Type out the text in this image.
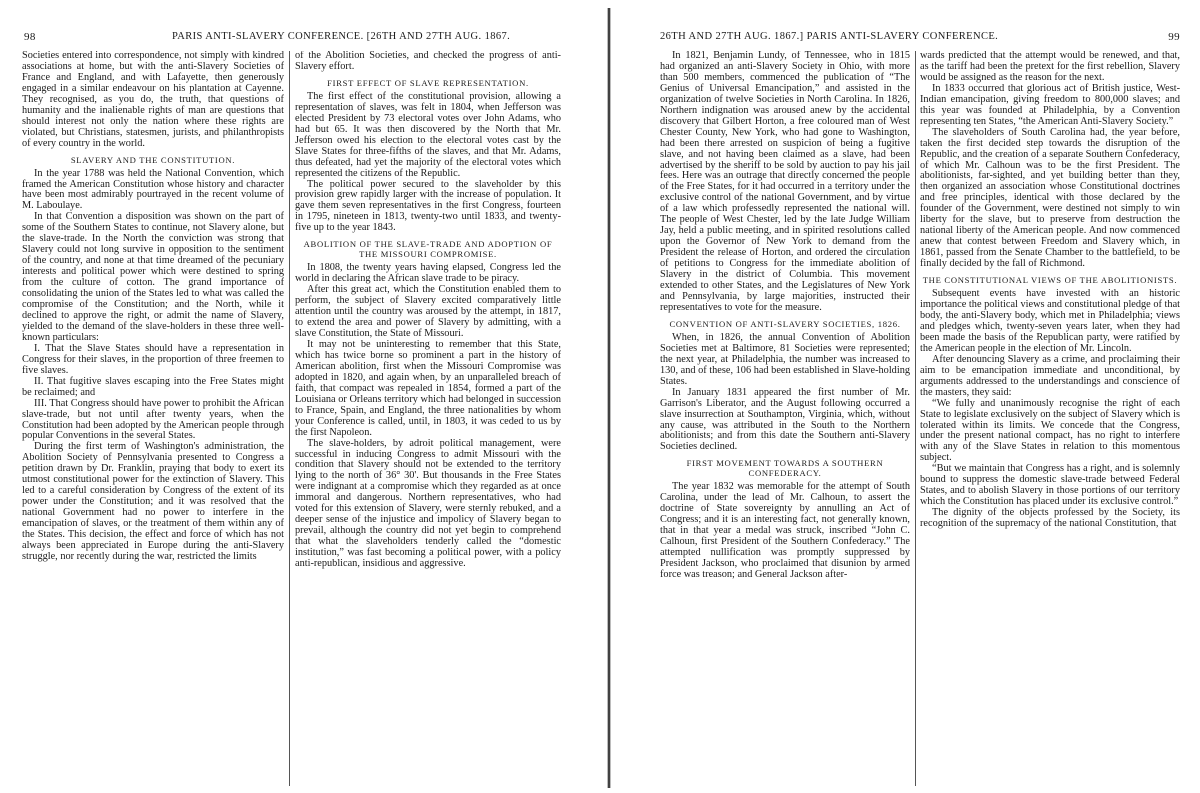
98	PARIS ANTI-SLAVERY CONFERENCE. [26TH AND 27TH AUG. 1867.

Societies entered into correspondence, not simply with kindred associations at home, but with the anti-Slavery Societies of France and England, and with Lafayette, then generously engaged in a similar endeavour on his plantation at Cayenne. They recognised, as you do, the truth, that questions of humanity and the inalienable rights of man are questions that should interest not only the nation where these rights are violated, but Christians, statesmen, jurists, and philanthropists of every country in the world.

SLAVERY AND THE CONSTITUTION.

In the year 1788 was held the National Convention, which framed the American Constitution whose history and character have been most admirably pourtrayed in the recent volume of M. Laboulaye.

In that Convention a disposition was shown on the part of some of the Southern States to continue, not Slavery alone, but the slave-trade. In the North the conviction was strong that Slavery could not long survive in opposition to the sentiment of the country, and none at that time dreamed of the pecuniary interests and political power which were destined to spring from the culture of cotton. The grand importance of consolidating the union of the States led to what was called the compromise of the Constitution; and the North, while it declined to approve the right, or admit the name of Slavery, yielded to the demand of the slave-holders in these three well-known particulars:

I. That the Slave States should have a representation in Congress for their slaves, in the proportion of three freemen to five slaves.

II. That fugitive slaves escaping into the Free States might be reclaimed; and

III. That Congress should have power to prohibit the African slave-trade, but not until after twenty years, when the Constitution had been adopted by the American people through popular Conventions in the several States.

During the first term of Washington's administration, the Abolition Society of Pennsylvania presented to Congress a petition drawn by Dr. Franklin, praying that body to exert its utmost constitutional power for the extinction of Slavery. This led to a careful consideration by Congress of the extent of its power under the Constitution; and it was resolved that the national Government had no power to interfere in the emancipation of slaves, or the treatment of them within any of the States. This decision, the effect and force of which has not always been appreciated in Europe during the anti-Slavery struggle, nor recently during the war, restricted the limits

of the Abolition Societies, and checked the progress of anti-Slavery effort.

FIRST EFFECT OF SLAVE REPRESENTATION.

The first effect of the constitutional provision, allowing a representation of slaves, was felt in 1804, when Jefferson was elected President by 73 electoral votes over John Adams, who had but 65. It was then discovered by the North that Mr. Jefferson owed his election to the electoral votes cast by the Slave States for three-fifths of the slaves, and that Mr. Adams, thus defeated, had yet the majority of the electoral votes which represented the citizens of the Republic.

The political power secured to the slaveholder by this provision grew rapidly larger with the increase of population. It gave them seven representatives in the first Congress, fourteen in 1795, nineteen in 1813, twenty-two until 1833, and twenty-five up to the year 1843.

ABOLITION OF THE SLAVE-TRADE AND ADOPTION OF THE MISSOURI COMPROMISE.

In 1808, the twenty years having elapsed, Congress led the world in declaring the African slave trade to be piracy.

After this great act, which the Constitution enabled them to perform, the subject of Slavery excited comparatively little attention until the country was aroused by the attempt, in 1817, to extend the area and power of Slavery by admitting, with a slave Constitution, the State of Missouri.

It may not be uninteresting to remember that this State, which has twice borne so prominent a part in the history of American abolition, first when the Missouri Compromise was adopted in 1820, and again when, by an unparalleled breach of faith, that compact was repealed in 1854, formed a part of the Louisiana or Orleans territory which had belonged in succession to France, Spain, and England, the three nationalities by whom your Conference is called, until, in 1803, it was ceded to us by the first Napoleon.

The slave-holders, by adroit political management, were successful in inducing Congress to admit Missouri with the condition that Slavery should not be extended to the territory lying to the north of 36° 30'. But thousands in the Free States were indignant at a compromise which they regarded as at once immoral and dangerous. Northern representatives, who had voted for this extension of Slavery, were sternly rebuked, and a deeper sense of the injustice and impolicy of Slavery began to prevail, although the country did not yet begin to comprehend that what the slaveholders tenderly called the “domestic institution,” was fast becoming a political power, with a policy anti-republican, insidious and aggressive.

26TH AND 27TH AUG. 1867.] PARIS ANTI-SLAVERY CONFERENCE.	99

In 1821, Benjamin Lundy, of Tennessee, who in 1815 had organized an anti-Slavery Society in Ohio, with more than 500 members, commenced the publication of “The Genius of Universal Emancipation,” and assisted in the organization of twelve Societies in North Carolina. In 1826, Northern indignation was aroused anew by the accidental discovery that Gilbert Horton, a free coloured man of West Chester County, New York, who had gone to Washington, had been there arrested on suspicion of being a fugitive slave, and not having been claimed as a slave, had been advertised by the sheriff to be sold by auction to pay his jail fees. Here was an outrage that directly concerned the people of the Free States, for it had occurred in a territory under the exclusive control of the national Government, and by virtue of a law which professedly represented the national will. The people of West Chester, led by the late Judge William Jay, held a public meeting, and in spirited resolutions called upon the Governor of New York to demand from the President the release of Horton, and ordered the circulation of petitions to Congress for the immediate abolition of Slavery in the district of Columbia. This movement extended to other States, and the Legislatures of New York and Pennsylvania, by large majorities, instructed their representatives to vote for the measure.

CONVENTION OF ANTI-SLAVERY SOCIETIES, 1826.

When, in 1826, the annual Convention of Abolition Societies met at Baltimore, 81 Societies were represented; the next year, at Philadelphia, the number was increased to 130, and of these, 106 had been established in Slave-holding States.

In January 1831 appeared the first number of Mr. Garrison's Liberator, and the August following occurred a slave insurrection at Southampton, Virginia, which, without any cause, was attributed in the South to the Northern abolitionists; and from this date the Southern anti-Slavery Societies declined.

FIRST MOVEMENT TOWARDS A SOUTHERN CONFEDERACY.

The year 1832 was memorable for the attempt of South Carolina, under the lead of Mr. Calhoun, to assert the doctrine of State sovereignty by annulling an Act of Congress; and it is an interesting fact, not generally known, that in that year a medal was struck, inscribed “John C. Calhoun, first President of the Southern Confederacy.” The attempted nullification was promptly suppressed by President Jackson, who proclaimed that disunion by armed force was treason; and General Jackson after-

wards predicted that the attempt would be renewed, and that, as the tariff had been the pretext for the first rebellion, Slavery would be assigned as the reason for the next.

In 1833 occurred that glorious act of British justice, West-Indian emancipation, giving freedom to 800,000 slaves; and this year was founded at Philadelphia, by a Convention representing ten States, “the American Anti-Slavery Society.”

The slaveholders of South Carolina had, the year before, taken the first decided step towards the disruption of the Republic, and the creation of a separate Southern Confederacy, of which Mr. Calhoun was to be the first President. The abolitionists, far-sighted, and yet building better than they, then organized an association whose Constitutional doctrines and free principles, identical with those declared by the founder of the Government, were destined not simply to win liberty for the slave, but to preserve from destruction the national liberty of the American people. And now commenced anew that contest between Freedom and Slavery which, in 1861, passed from the Senate Chamber to the battlefield, to be finally decided by the fall of Richmond.

THE CONSTITUTIONAL VIEWS OF THE ABOLITIONISTS.

Subsequent events have invested with an historic importance the political views and constitutional pledge of that body, the anti-Slavery body, which met in Philadelphia; views and pledges which, twenty-seven years later, when they had been made the basis of the Republican party, were ratified by the American people in the election of Mr. Lincoln.

After denouncing Slavery as a crime, and proclaiming their aim to be emancipation immediate and unconditional, by arguments addressed to the understandings and conscience of the masters, they said:

“We fully and unanimously recognise the right of each State to legislate exclusively on the subject of Slavery which is tolerated within its limits. We concede that the Congress, under the present national compact, has no right to interfere with any of the Slave States in relation to this momentous subject.

“But we maintain that Congress has a right, and is solemnly bound to suppress the domestic slave-trade betweed Federal States, and to abolish Slavery in those portions of our territory which the Constitution has placed under its exclusive control.”

The dignity of the objects professed by the Society, its recognition of the supremacy of the national Constitution, that
